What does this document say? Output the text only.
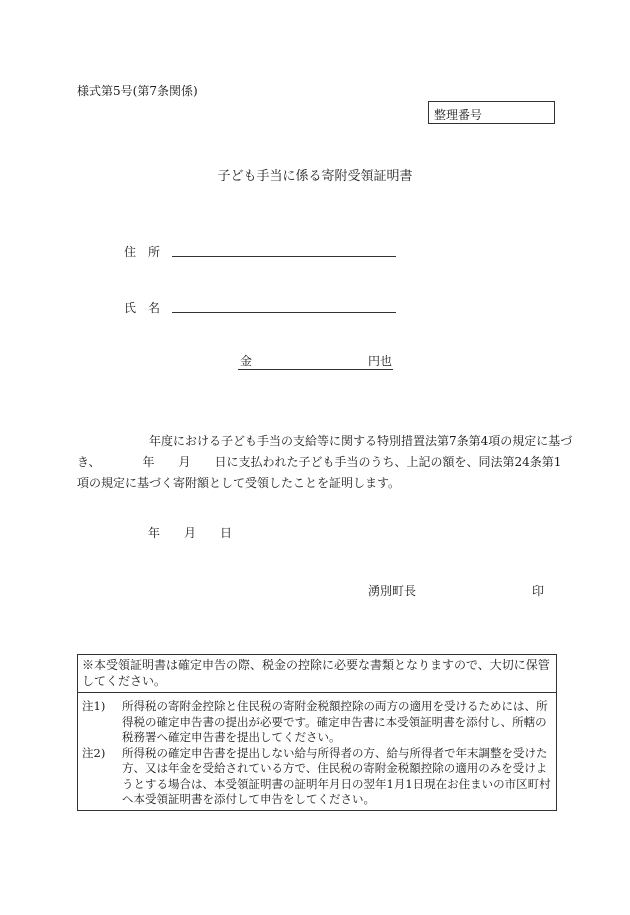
様式第5号(第7条関係)
整理番号
子ども手当に係る寄附受領証明書
住所
氏名
金	円也
　　　　　　年度における子ども手当の支給等に関する特別措置法第7条第4項の規定に基づ
き、　　　　年　　月　　日に支払われた子ども手当のうち、上記の額を、同法第24条第1
項の規定に基づく寄附額として受領したことを証明します。
年　　月　　日
湧別町長	印
※本受領証明書は確定申告の際、税金の控除に必要な書類となりますので、大切に保管してください。
注1)	所得税の寄附金控除と住民税の寄附金税額控除の両方の適用を受けるためには、所
得税の確定申告書の提出が必要です。確定申告書に本受領証明書を添付し、所轄の
税務署へ確定申告書を提出してください。
注2)	所得税の確定申告書を提出しない給与所得者の方、給与所得者で年末調整を受けた
方、又は年金を受給されている方で、住民税の寄附金税額控除の適用のみを受けよ
うとする場合は、本受領証明書の証明年月日の翌年1月1日現在お住まいの市区町村
へ本受領証明書を添付して申告をしてください。
